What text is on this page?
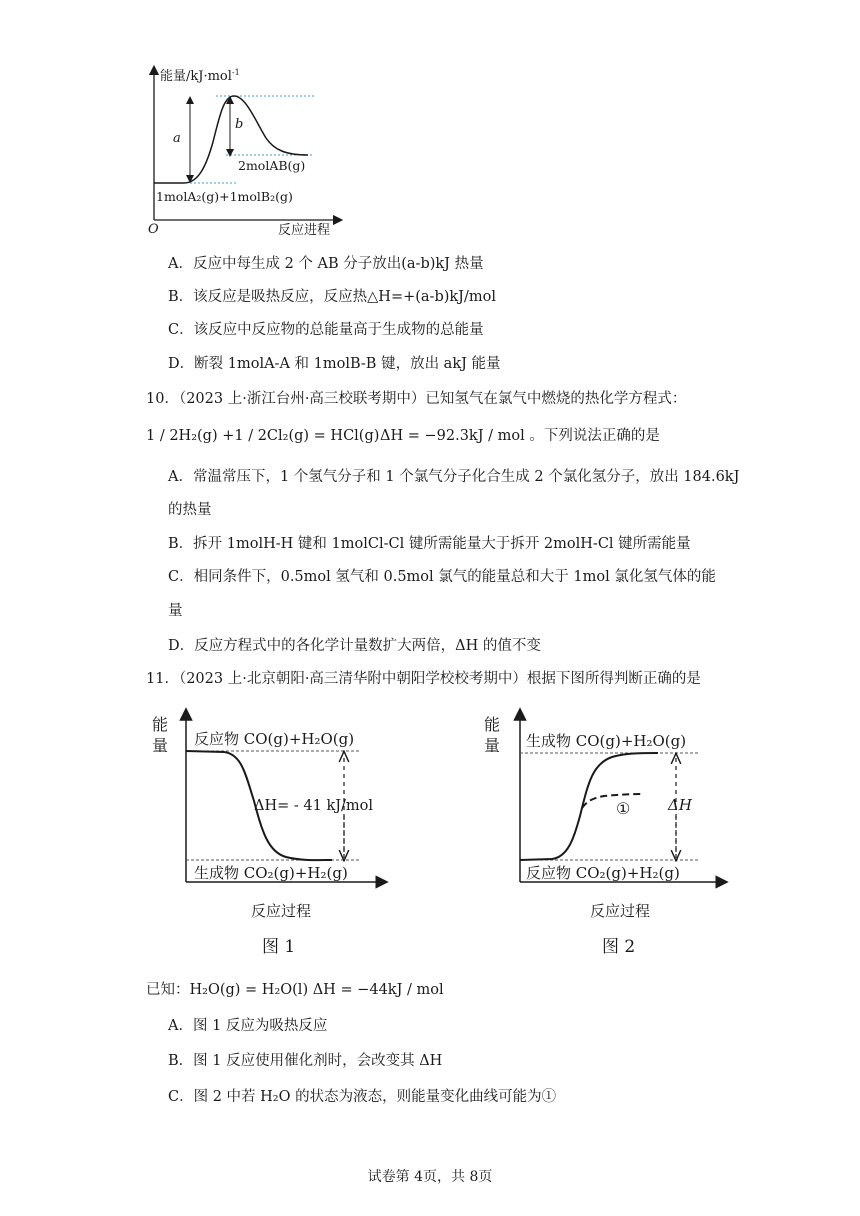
能量/kJ·mol$^{-1}$
a
b
2molAB(g)
1molA₂(g)+1molB₂(g)
O	反应进程
A．反应中每生成 2 个 AB 分子放出(a-b)kJ 热量
B．该反应是吸热反应，反应热△H=+(a-b)kJ/mol
C．该反应中反应物的总能量高于生成物的总能量
D．断裂 1molA-A 和 1molB-B 键，放出 akJ 能量
10．（2023 上·浙江台州·高三校联考期中）已知氢气在氯气中燃烧的热化学方程式：
1 / 2H₂(g) +1 / 2Cl₂(g) = HCl(g) ΔH = −92.3kJ / mol 。下列说法正确的是
A．常温常压下，1 个氢气分子和 1 个氯气分子化合生成 2 个氯化氢分子，放出 184.6kJ
的热量
B．拆开 1molH-H 键和 1molCl-Cl 键所需能量大于拆开 2molH-Cl 键所需能量
C．相同条件下，0.5mol 氢气和 0.5mol 氯气的能量总和大于 1mol 氯化氢气体的能
量
D．反应方程式中的各化学计量数扩大两倍，ΔH 的值不变
11．（2023 上·北京朝阳·高三清华附中朝阳学校校考期中）根据下图所得判断正确的是
能
量 反应物 CO(g)+H₂O(g)
ΔH= - 41 kJ/mol
生成物 CO₂(g)+H₂(g)
反应过程
图 1
能
量
①
生成物 CO(g)+H₂O(g)
ΔH
反应物 CO₂(g)+H₂(g)
反应过程
图 2
已知：H₂O(g) = H₂O(l) ΔH = −44kJ / mol
A．图 1 反应为吸热反应
B．图 1 反应使用催化剂时，会改变其 ΔH
C．图 2 中若 H₂O 的状态为液态，则能量变化曲线可能为①
试卷第 4页，共 8页
